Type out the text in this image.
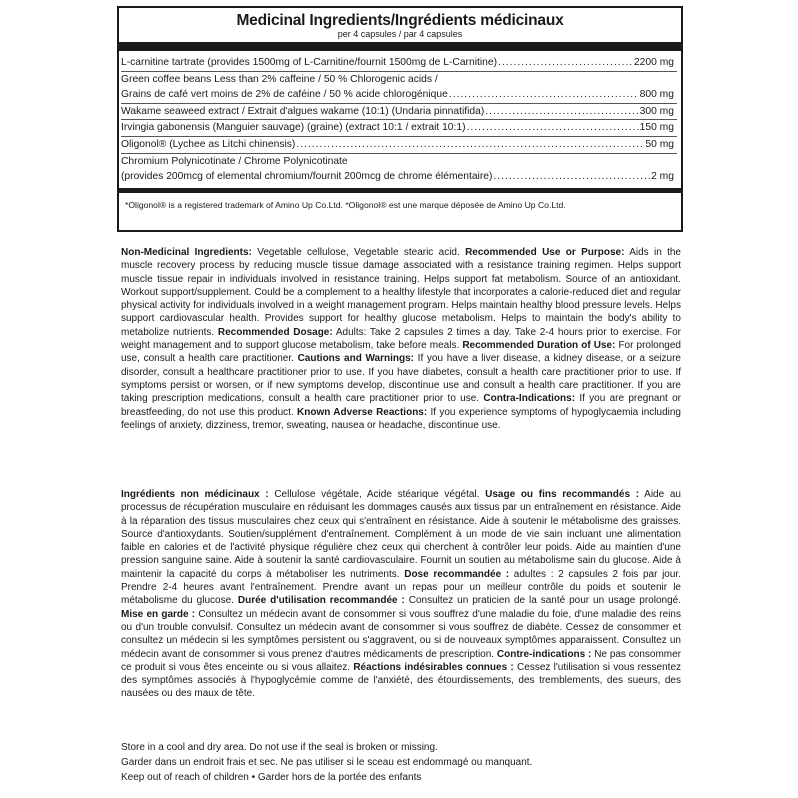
Medicinal Ingredients/Ingrédients médicinaux
per 4 capsules / par 4 capsules
L-carnitine tartrate (provides 1500mg of L-Carnitine/fournit 1500mg de L-Carnitine) .....	2200 mg
Green coffee beans Less than 2% caffeine / 50 % Chlorogenic acids /
Grains de café vert moins de 2% de caféine / 50 % acide chlorogénique .....	800 mg
Wakame seaweed extract / Extrait d'algues wakame (10:1) (Undaria pinnatifida) .....	300 mg
Irvingia gabonensis (Manguier sauvage) (graine) (extract 10:1 / extrait 10:1) .....	150 mg
Oligonol® (Lychee as Litchi chinensis) .....	50 mg
Chromium Polynicotinate / Chrome Polynicotinate
(provides 200mcg of elemental chromium/fournit 200mcg de chrome élémentaire) .....	2 mg
*Oligonol® is a registered trademark of Amino Up Co.Ltd. *Oligonol® est une marque déposée de Amino Up Co.Ltd.

Non-Medicinal Ingredients: Vegetable cellulose, Vegetable stearic acid. Recommended Use or Purpose: Aids in the muscle recovery process by reducing muscle tissue damage associated with a resistance training regimen. Helps support muscle tissue repair in individuals involved in resistance training. Helps support fat metabolism. Source of an antioxidant. Workout support/supplement. Could be a complement to a healthy lifestyle that incorporates a calorie-reduced diet and regular physical activity for individuals involved in a weight management program. Helps maintain healthy blood pressure levels. Helps support cardiovascular health. Provides support for healthy glucose metabolism. Helps to maintain the body's ability to metabolize nutrients. Recommended Dosage: Adults: Take 2 capsules 2 times a day. Take 2-4 hours prior to exercise. For weight management and to support glucose metabolism, take before meals. Recommended Duration of Use: For prolonged use, consult a health care practitioner. Cautions and Warnings: If you have a liver disease, a kidney disease, or a seizure disorder, consult a healthcare practitioner prior to use. If you have diabetes, consult a health care practitioner prior to use. If symptoms persist or worsen, or if new symptoms develop, discontinue use and consult a health care practitioner. If you are taking prescription medications, consult a health care practitioner prior to use. Contra-Indications: If you are pregnant or breastfeeding, do not use this product. Known Adverse Reactions: If you experience symptoms of hypoglycaemia including feelings of anxiety, dizziness, tremor, sweating, nausea or headache, discontinue use.

Ingrédients non médicinaux : Cellulose végétale, Acide stéarique végétal. Usage ou fins recommandés : Aide au processus de récupération musculaire en réduisant les dommages causés aux tissus par un entraînement en résistance. Aide à la réparation des tissus musculaires chez ceux qui s'entraînent en résistance. Aide à soutenir le métabolisme des graisses. Source d'antioxydants. Soutien/supplément d'entraînement. Complément à un mode de vie sain incluant une alimentation faible en calories et de l'activité physique régulière chez ceux qui cherchent à contrôler leur poids. Aide au maintien d'une pression sanguine saine. Aide à soutenir la santé cardiovasculaire. Fournit un soutien au métabolisme sain du glucose. Aide à maintenir la capacité du corps à métaboliser les nutriments. Dose recommandée : adultes : 2 capsules 2 fois par jour. Prendre 2-4 heures avant l'entraînement. Prendre avant un repas pour un meilleur contrôle du poids et soutenir le métabolisme du glucose. Durée d'utilisation recommandée : Consultez un praticien de la santé pour un usage prolongé. Mise en garde : Consultez un médecin avant de consommer si vous souffrez d'une maladie du foie, d'une maladie des reins ou d'un trouble convulsif. Consultez un médecin avant de consommer si vous souffrez de diabète. Cessez de consommer et consultez un médecin si les symptômes persistent ou s'aggravent, ou si de nouveaux symptômes apparaissent. Consultez un médecin avant de consommer si vous prenez d'autres médicaments de prescription. Contre-indications : Ne pas consommer ce produit si vous êtes enceinte ou si vous allaitez. Réactions indésirables connues : Cessez l'utilisation si vous ressentez des symptômes associés à l'hypoglycémie comme de l'anxiété, des étourdissements, des tremblements, des sueurs, des nausées ou des maux de tête.

Store in a cool and dry area. Do not use if the seal is broken or missing.
Garder dans un endroit frais et sec. Ne pas utiliser si le sceau est endommagé ou manquant.
Keep out of reach of children • Garder hors de la portée des enfants
